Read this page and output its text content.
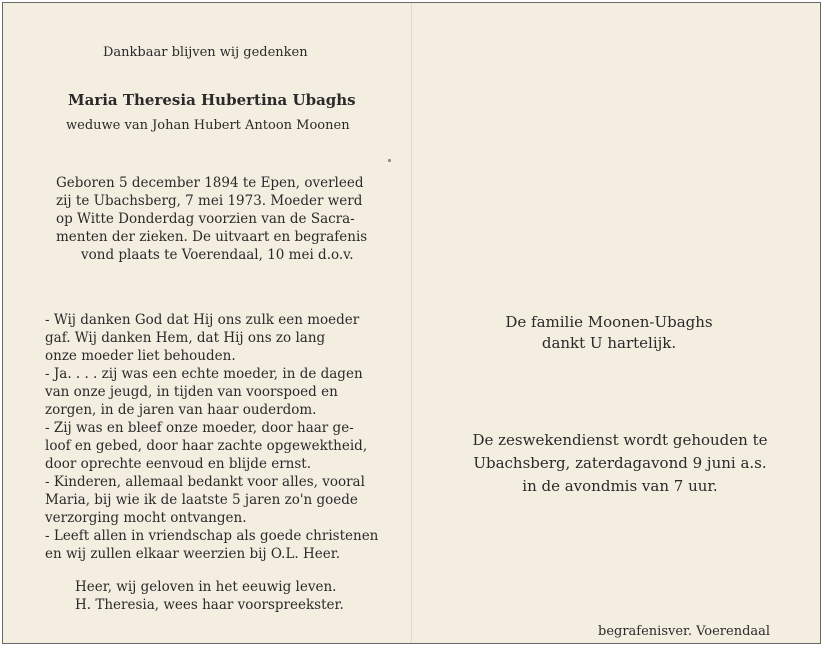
Dankbaar blijven wij gedenken
Maria Theresia Hubertina Ubaghs
weduwe van Johan Hubert Antoon Moonen
Geboren 5 december 1894 te Epen, overleed
zij te Ubachsberg, 7 mei 1973. Moeder werd
op Witte Donderdag voorzien van de Sacra-
menten der zieken. De uitvaart en begrafenis
vond plaats te Voerendaal, 10 mei d.o.v.
- Wij danken God dat Hij ons zulk een moeder
gaf. Wij danken Hem, dat Hij ons zo lang
onze moeder liet behouden.
- Ja. . . . zij was een echte moeder, in de dagen
van onze jeugd, in tijden van voorspoed en
zorgen, in de jaren van haar ouderdom.
- Zij was en bleef onze moeder, door haar ge-
loof en gebed, door haar zachte opgewektheid,
door oprechte eenvoud en blijde ernst.
- Kinderen, allemaal bedankt voor alles, vooral
Maria, bij wie ik de laatste 5 jaren zo'n goede
verzorging mocht ontvangen.
- Leeft allen in vriendschap als goede christenen
en wij zullen elkaar weerzien bij O.L. Heer.
Heer, wij geloven in het eeuwig leven.
H. Theresia, wees haar voorspreekster.
De familie Moonen-Ubaghs
dankt U hartelijk.
De zeswekendienst wordt gehouden te
Ubachsberg, zaterdagavond 9 juni a.s.
in de avondmis van 7 uur.
begrafenisver. Voerendaal
